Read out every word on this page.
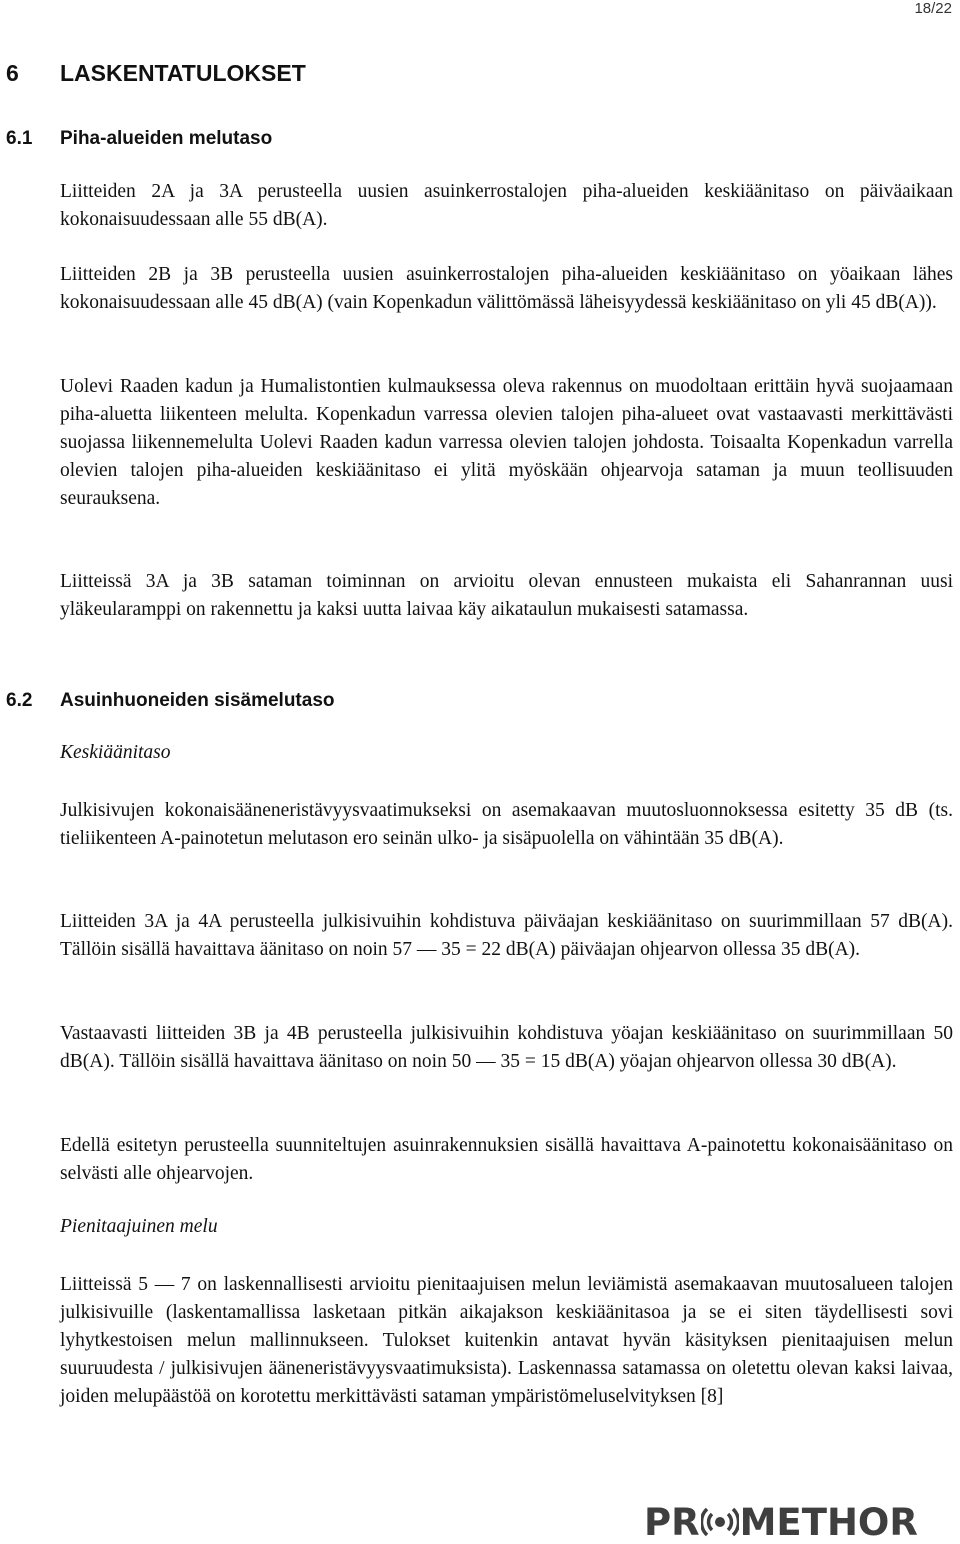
18/22
6 LASKENTATULOKSET
6.1 Piha-alueiden melutaso

Liitteiden 2A ja 3A perusteella uusien asuinkerrostalojen piha-alueiden keskiäänitaso on päiväaikaan kokonaisuudessaan alle 55 dB(A).

Liitteiden 2B ja 3B perusteella uusien asuinkerrostalojen piha-alueiden keskiäänitaso on yöaikaan lähes kokonaisuudessaan alle 45 dB(A) (vain Kopenkadun välittömässä läheisyydessä keskiäänitaso on yli 45 dB(A)).

Uolevi Raaden kadun ja Humalistontien kulmauksessa oleva rakennus on muodoltaan erittäin hyvä suojaamaan piha-aluetta liikenteen melulta. Kopenkadun varressa olevien talojen piha-alueet ovat vastaavasti merkittävästi suojassa liikennemelulta Uolevi Raaden kadun varressa olevien talojen johdosta. Toisaalta Kopenkadun varrella olevien talojen piha-alueiden keskiäänitaso ei ylitä myöskään ohjearvoja sataman ja muun teollisuuden seurauksena.

Liitteissä 3A ja 3B sataman toiminnan on arvioitu olevan ennusteen mukaista eli Sahanrannan uusi yläkeularamppi on rakennettu ja kaksi uutta laivaa käy aikataulun mukaisesti satamassa.

6.2 Asuinhuoneiden sisämelutaso

Keskiäänitaso

Julkisivujen kokonaisääneneristävyysvaatimukseksi on asemakaavan muutosluonnoksessa esitetty 35 dB (ts. tieliikenteen A-painotetun melutason ero seinän ulko- ja sisäpuolella on vähintään 35 dB(A).

Liitteiden 3A ja 4A perusteella julkisivuihin kohdistuva päiväajan keskiäänitaso on suurimmillaan 57 dB(A). Tällöin sisällä havaittava äänitaso on noin 57 — 35 = 22 dB(A) päiväajan ohjearvon ollessa 35 dB(A).

Vastaavasti liitteiden 3B ja 4B perusteella julkisivuihin kohdistuva yöajan keskiäänitaso on suurimmillaan 50 dB(A). Tällöin sisällä havaittava äänitaso on noin 50 — 35 = 15 dB(A) yöajan ohjearvon ollessa 30 dB(A).

Edellä esitetyn perusteella suunniteltujen asuinrakennuksien sisällä havaittava A-painotettu kokonaisäänitaso on selvästi alle ohjearvojen.

Pienitaajuinen melu

Liitteissä 5 — 7 on laskennallisesti arvioitu pienitaajuisen melun leviämistä asemakaavan muutosalueen talojen julkisivuille (laskentamallissa lasketaan pitkän aikajakson keskiäänitasoa ja se ei siten täydellisesti sovi lyhytkestoisen melun mallinnukseen. Tulokset kuitenkin antavat hyvän käsityksen pienitaajuisen melun suuruudesta / julkisivujen ääneneristävyysvaatimuksista). Laskennassa satamassa on oletettu olevan kaksi laivaa, joiden melupäästöä on korotettu merkittävästi sataman ympäristömeluselvityksen [8]

PR METHOR
